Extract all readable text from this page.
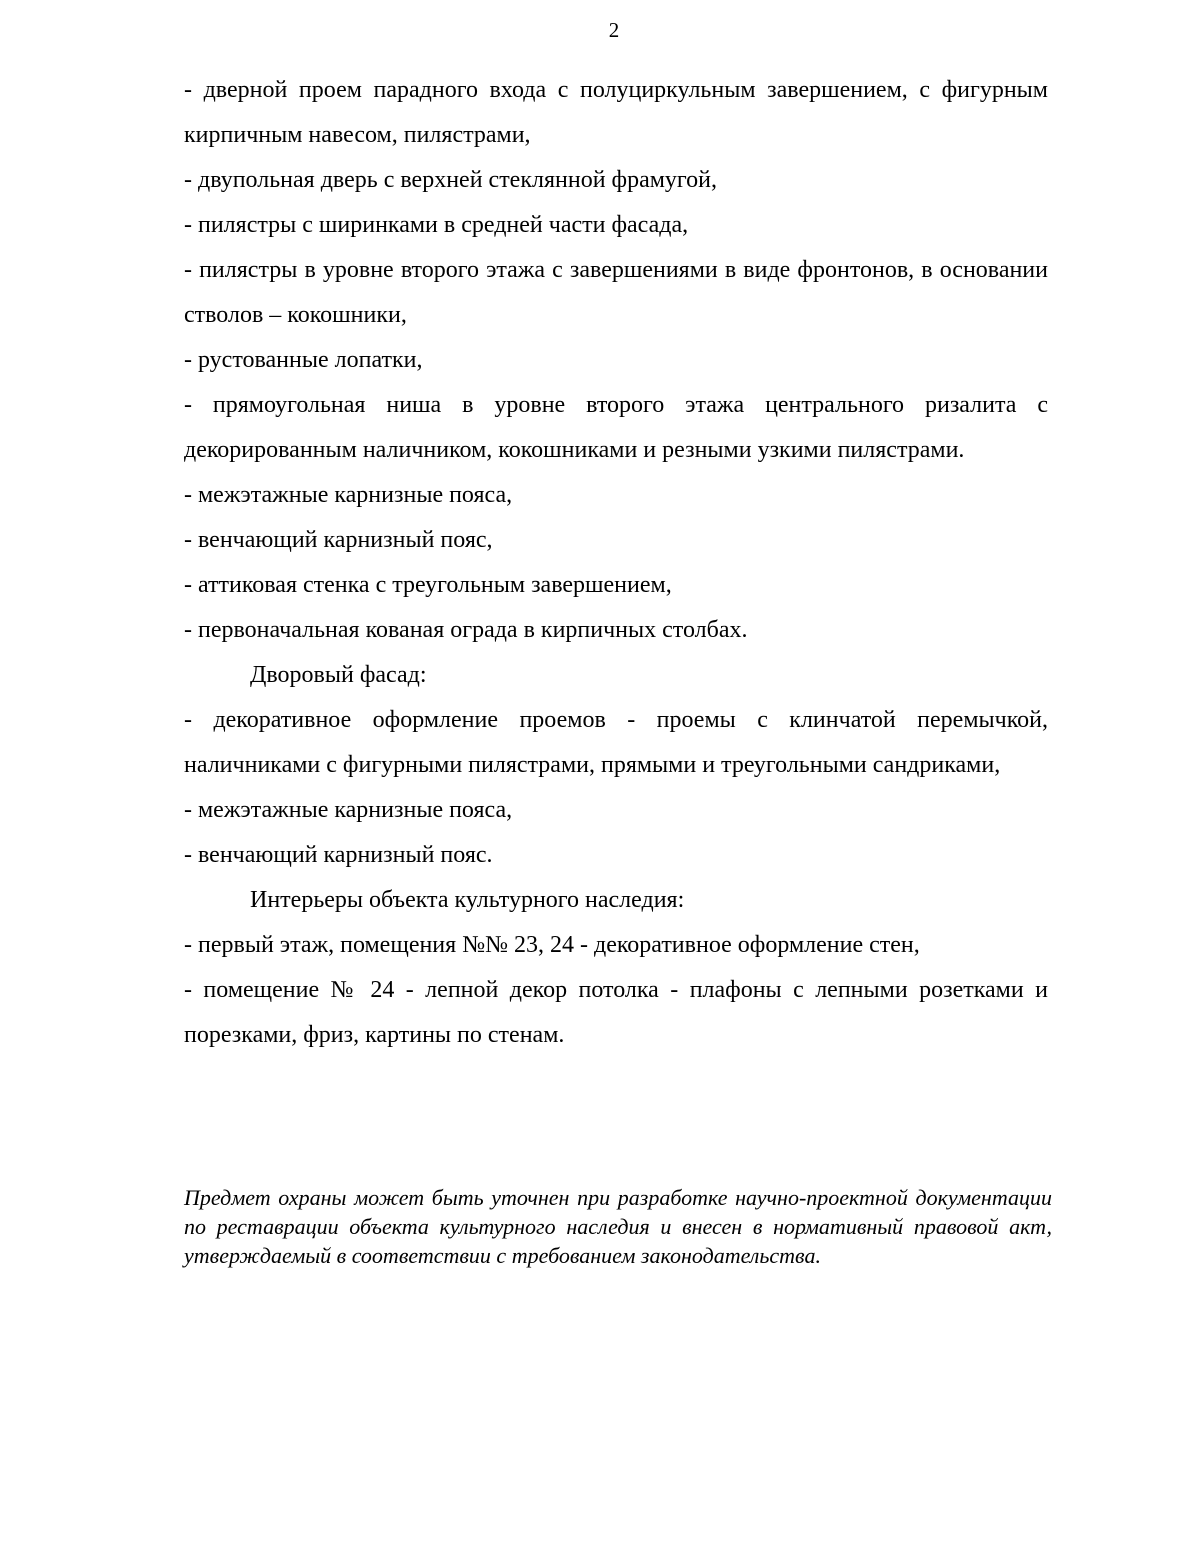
2

- дверной проем парадного входа с полуциркульным завершением, с фигурным кирпичным навесом, пилястрами,

- двупольная дверь с верхней стеклянной фрамугой,

- пилястры с ширинками в средней части фасада,

- пилястры в уровне второго этажа с завершениями в виде фронтонов, в основании стволов – кокошники,

- рустованные лопатки,

- прямоугольная ниша в уровне второго этажа центрального ризалита с декорированным наличником, кокошниками и резными узкими пилястрами.

- межэтажные карнизные пояса,

- венчающий карнизный пояс,

- аттиковая стенка с треугольным завершением,

- первоначальная кованая ограда в кирпичных столбах.

Дворовый фасад:

- декоративное оформление проемов - проемы с клинчатой перемычкой, наличниками с фигурными пилястрами, прямыми и треугольными сандриками,

- межэтажные карнизные пояса,

- венчающий карнизный пояс.

Интерьеры объекта культурного наследия:

- первый этаж, помещения №№ 23, 24 - декоративное оформление стен,

- помещение № 24 - лепной декор потолка - плафоны с лепными розетками и порезками, фриз, картины по стенам.

Предмет охраны может быть уточнен при разработке научно-проектной документации по реставрации объекта культурного наследия и внесен в нормативный правовой акт, утверждаемый в соответствии с требованием законодательства.
